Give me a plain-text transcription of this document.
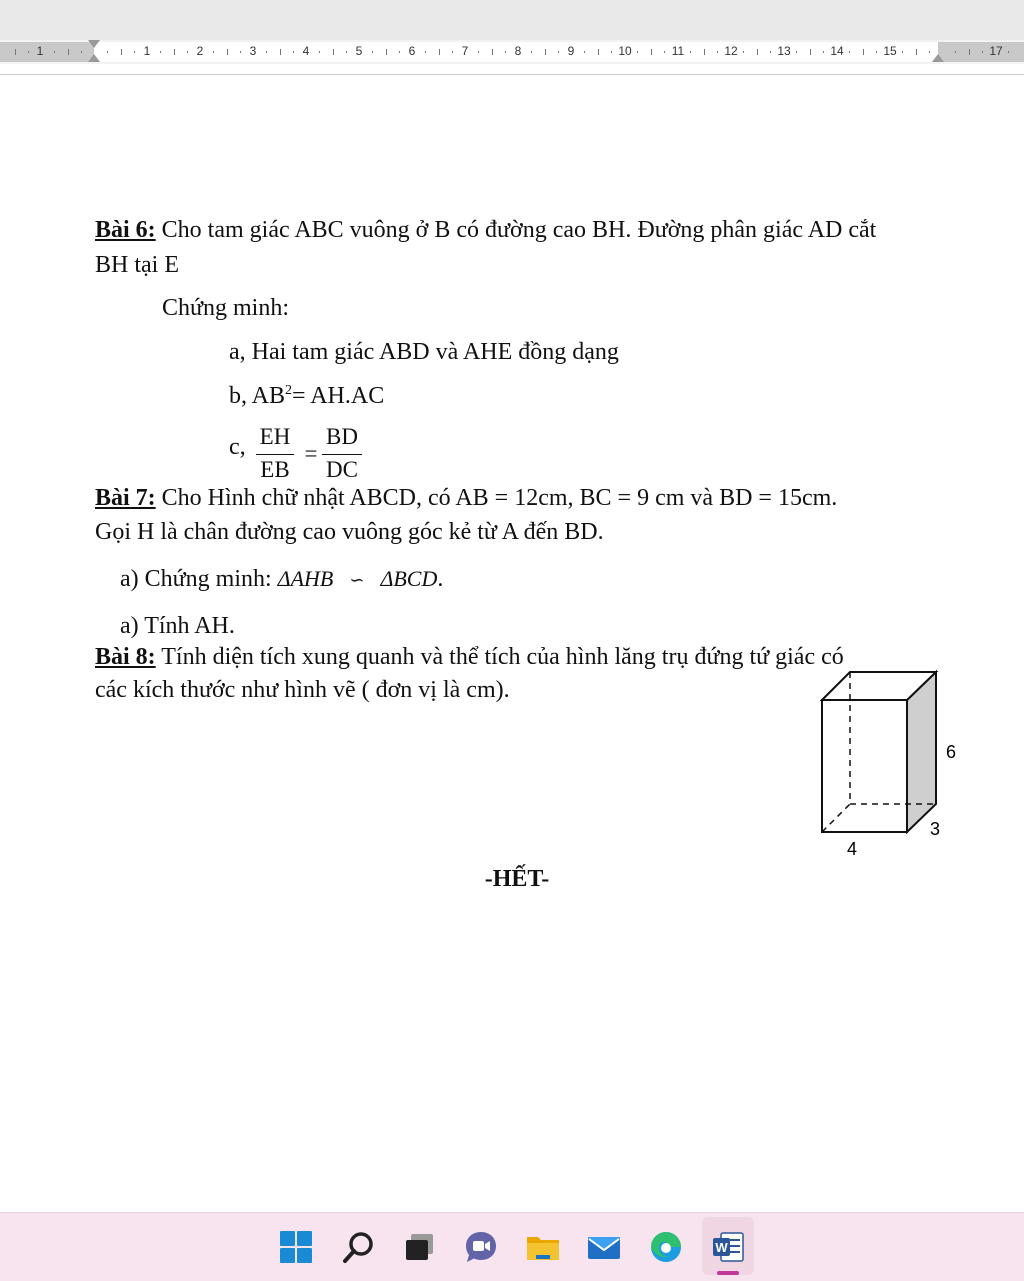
1	1	2	3	4	5	6	7	8	9	10	11	12	13	14	15	17
Bài 6: Cho tam giác ABC vuông ở B có đường cao BH. Đường phân giác AD cắt
BH tại E
Chứng minh:
a, Hai tam giác ABD và AHE đồng dạng
b, $AB^2= AH.AC$
c, EH
EB
=
BD
DC
Bài 7: Cho Hình chữ nhật ABCD, có AB = 12cm, BC = 9 cm và BD = 15cm.
Gọi H là chân đường cao vuông góc kẻ từ A đến BD.
a) Chứng minh: ΔAHB ∽ ΔBCD.
a) Tính AH.
Bài 8: Tính diện tích xung quanh và thể tích của hình lăng trụ đứng tứ giác có
các kích thước như hình vẽ ( đơn vị là cm).
6
3
4
-HẾT-
W
